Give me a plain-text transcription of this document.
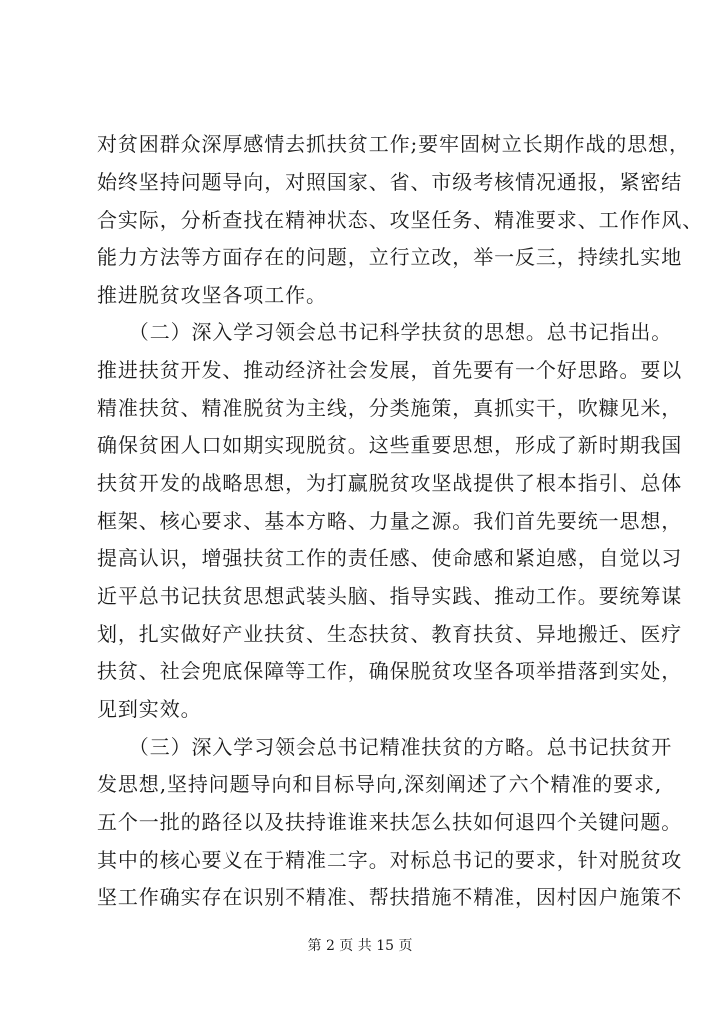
对贫困群众深厚感情去抓扶贫工作;要牢固树立长期作战的思想，
始终坚持问题导向，对照国家、省、市级考核情况通报，紧密结
合实际，分析查找在精神状态、攻坚任务、精准要求、工作作风、
能力方法等方面存在的问题，立行立改，举一反三，持续扎实地
推进脱贫攻坚各项工作。
　　（二）深入学习领会总书记科学扶贫的思想。总书记指出。
推进扶贫开发、推动经济社会发展，首先要有一个好思路。要以
精准扶贫、精准脱贫为主线，分类施策，真抓实干，吹糠见米，
确保贫困人口如期实现脱贫。这些重要思想，形成了新时期我国
扶贫开发的战略思想，为打赢脱贫攻坚战提供了根本指引、总体
框架、核心要求、基本方略、力量之源。我们首先要统一思想，
提高认识，增强扶贫工作的责任感、使命感和紧迫感，自觉以习
近平总书记扶贫思想武装头脑、指导实践、推动工作。要统筹谋
划，扎实做好产业扶贫、生态扶贫、教育扶贫、异地搬迁、医疗
扶贫、社会兜底保障等工作，确保脱贫攻坚各项举措落到实处，
见到实效。
　　（三）深入学习领会总书记精准扶贫的方略。总书记扶贫开
发思想,坚持问题导向和目标导向,深刻阐述了六个精准的要求,
五个一批的路径以及扶持谁谁来扶怎么扶如何退四个关键问题。
其中的核心要义在于精准二字。对标总书记的要求，针对脱贫攻
坚工作确实存在识别不精准、帮扶措施不精准，因村因户施策不
第 2 页 共 15 页
